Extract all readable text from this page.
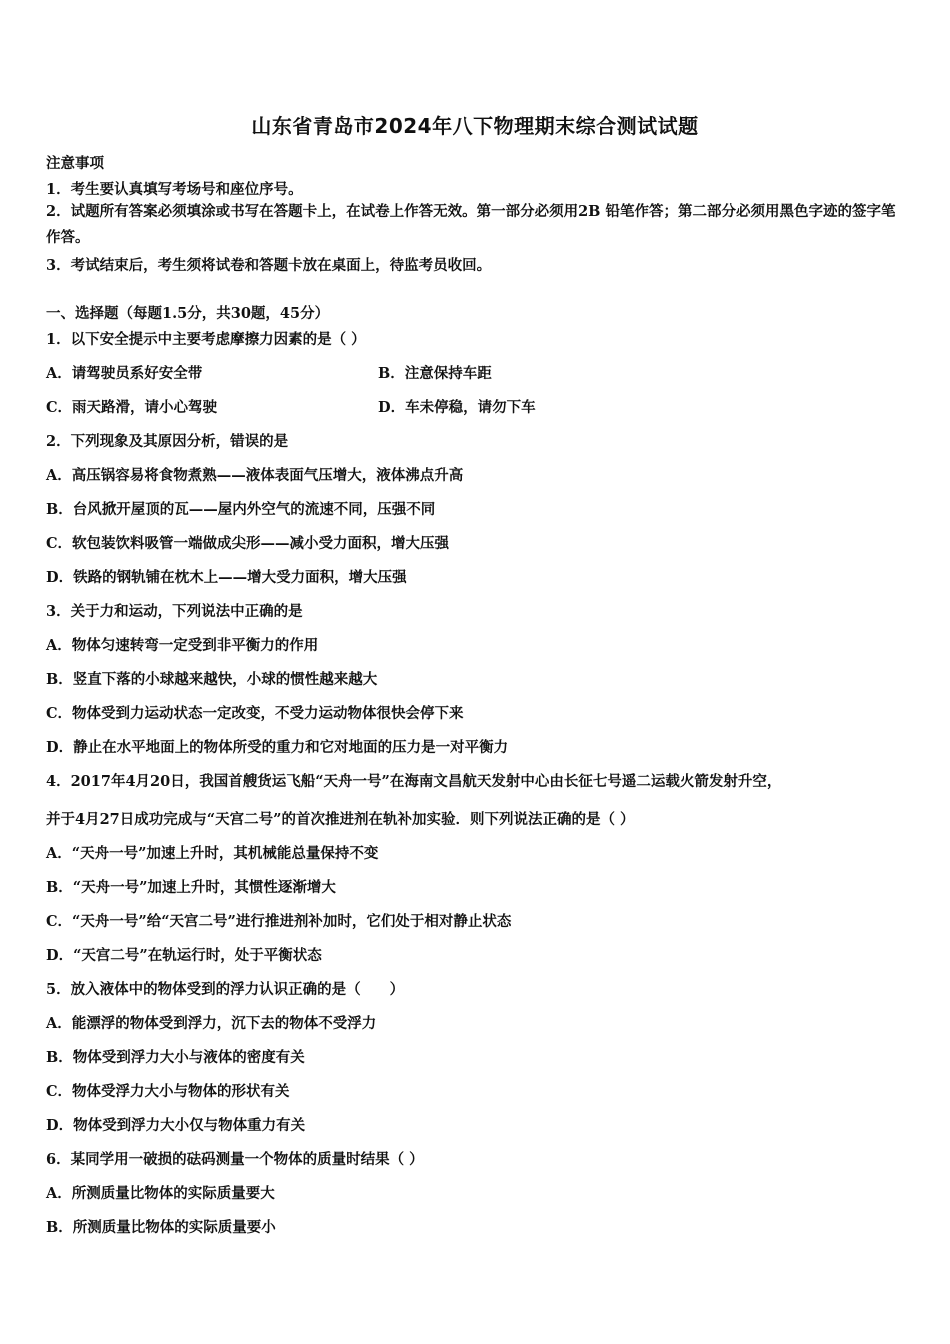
山东省青岛市2024年八下物理期末综合测试试题
注意事项
1．考生要认真填写考场号和座位序号。
2．试题所有答案必须填涂或书写在答题卡上，在试卷上作答无效。第一部分必须用2B 铅笔作答；第二部分必须用黑色字迹的签字笔作答。
3．考试结束后，考生须将试卷和答题卡放在桌面上，待监考员收回。
一、选择题（每题1.5分，共30题，45分）
1．以下安全提示中主要考虑摩擦力因素的是（ ）
A．请驾驶员系好安全带	B．注意保持车距
C．雨天路滑，请小心驾驶	D．车未停稳，请勿下车
2．下列现象及其原因分析，错误的是
A．高压锅容易将食物煮熟——液体表面气压增大，液体沸点升高
B．台风掀开屋顶的瓦——屋内外空气的流速不同，压强不同
C．软包装饮料吸管一端做成尖形——减小受力面积，增大压强
D．铁路的钢轨铺在枕木上——增大受力面积，增大压强
3．关于力和运动，下列说法中正确的是
A．物体匀速转弯一定受到非平衡力的作用
B．竖直下落的小球越来越快，小球的惯性越来越大
C．物体受到力运动状态一定改变，不受力运动物体很快会停下来
D．静止在水平地面上的物体所受的重力和它对地面的压力是一对平衡力
4．2017年4月20日，我国首艘货运飞船“天舟一号”在海南文昌航天发射中心由长征七号遥二运载火箭发射升空，
并于4月27日成功完成与“天宫二号”的首次推进剂在轨补加实验．则下列说法正确的是（ ）
A．“天舟一号”加速上升时，其机械能总量保持不变
B．“天舟一号”加速上升时，其惯性逐渐增大
C．“天舟一号”给“天宫二号”进行推进剂补加时，它们处于相对静止状态
D．“天宫二号”在轨运行时，处于平衡状态
5．放入液体中的物体受到的浮力认识正确的是（　　）
A．能漂浮的物体受到浮力，沉下去的物体不受浮力
B．物体受到浮力大小与液体的密度有关
C．物体受浮力大小与物体的形状有关
D．物体受到浮力大小仅与物体重力有关
6．某同学用一破损的砝码测量一个物体的质量时结果（ ）
A．所测质量比物体的实际质量要大
B．所测质量比物体的实际质量要小
